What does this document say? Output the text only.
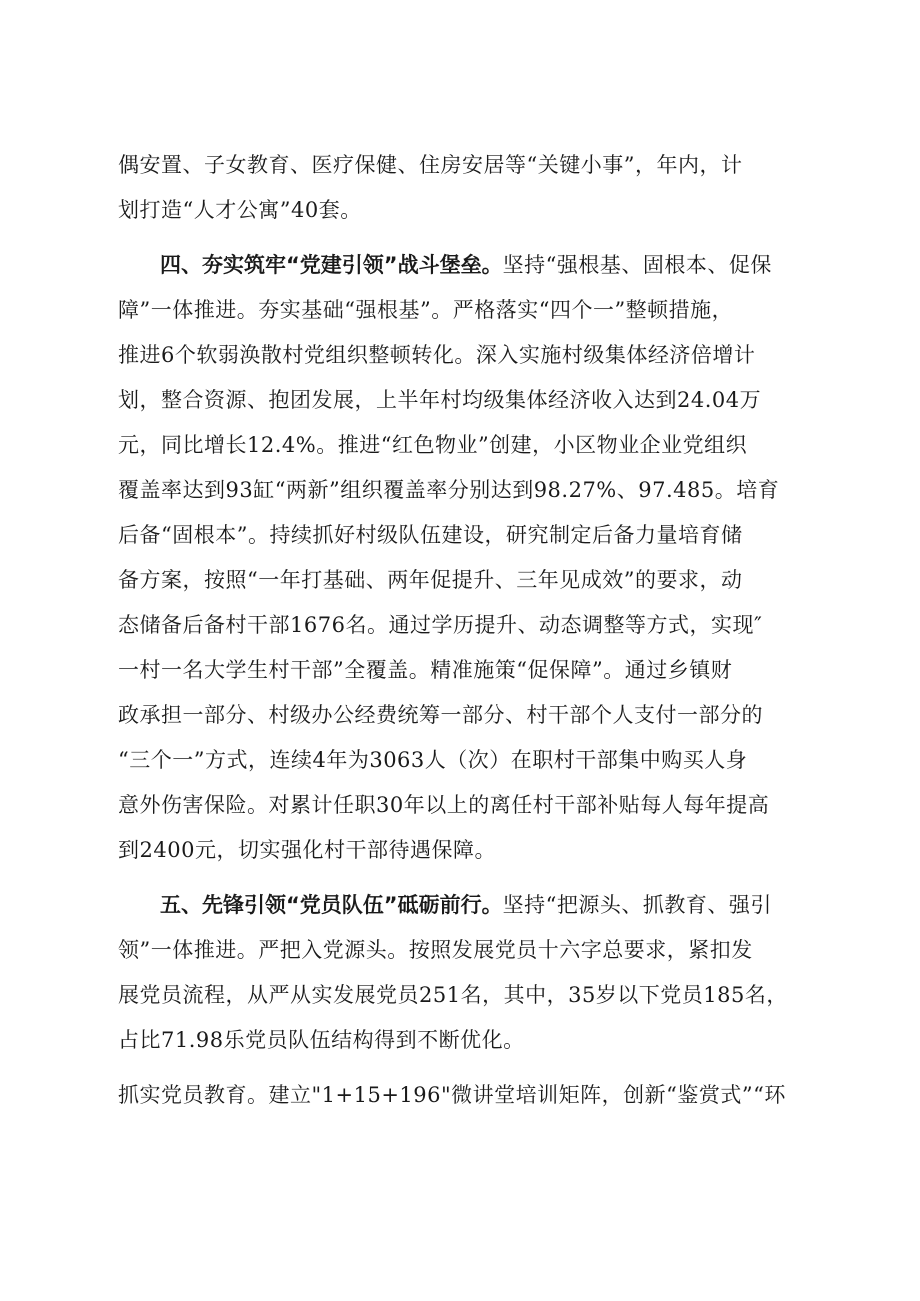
偶安置、子女教育、医疗保健、住房安居等“关键小事”，年内，计
划打造“人才公寓”40套。
四、夯实筑牢“党建引领”战斗堡垒。坚持“强根基、固根本、促保
障”一体推进。夯实基础“强根基”。严格落实“四个一”整顿措施，
推进6个软弱涣散村党组织整顿转化。深入实施村级集体经济倍增计
划，整合资源、抱团发展，上半年村均级集体经济收入达到24.04万
元，同比增长12.4%。推进“红色物业”创建，小区物业企业党组织
覆盖率达到93缸“两新”组织覆盖率分别达到98.27%、97.485。培育
后备“固根本”。持续抓好村级队伍建设，研究制定后备力量培育储
备方案，按照“一年打基础、两年促提升、三年见成效”的要求，动
态储备后备村干部1676名。通过学历提升、动态调整等方式，实现″
一村一名大学生村干部”全覆盖。精准施策“促保障”。通过乡镇财
政承担一部分、村级办公经费统筹一部分、村干部个人支付一部分的
“三个一”方式，连续4年为3063人（次）在职村干部集中购买人身
意外伤害保险。对累计任职30年以上的离任村干部补贴每人每年提高
到2400元，切实强化村干部待遇保障。
五、先锋引领“党员队伍”砥砺前行。坚持“把源头、抓教育、强引
领”一体推进。严把入党源头。按照发展党员十六字总要求，紧扣发
展党员流程，从严从实发展党员251名，其中，35岁以下党员185名，
占比71.98乐党员队伍结构得到不断优化。
抓实党员教育。建立"1+15+196"微讲堂培训矩阵，创新“鉴赏式”“环
